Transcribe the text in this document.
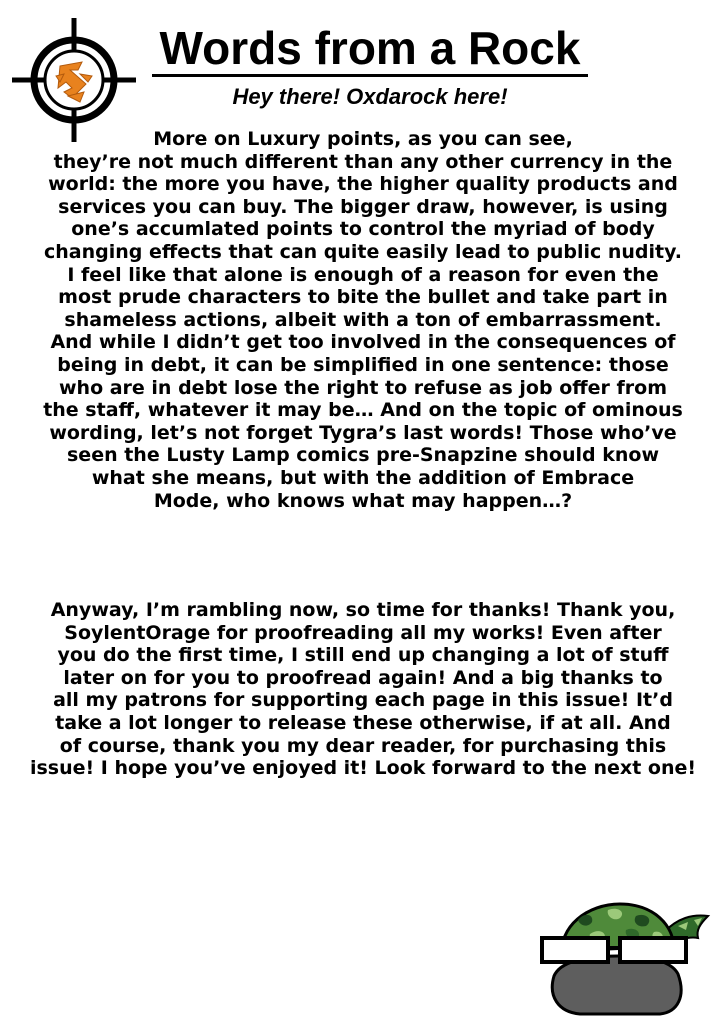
Words from a Rock
Hey there! Oxdarock here!
More on Luxury points, as you can see,
they’re not much different than any other currency in the
world: the more you have, the higher quality products and
services you can buy. The bigger draw, however, is using
one’s accumlated points to control the myriad of body
changing effects that can quite easily lead to public nudity.
I feel like that alone is enough of a reason for even the
most prude characters to bite the bullet and take part in
shameless actions, albeit with a ton of embarrassment.
And while I didn’t get too involved in the consequences of
being in debt, it can be simplified in one sentence: those
who are in debt lose the right to refuse as job offer from
the staff, whatever it may be… And on the topic of ominous
wording, let’s not forget Tygra’s last words! Those who’ve
seen the Lusty Lamp comics pre-Snapzine should know
what she means, but with the addition of Embrace
Mode, who knows what may happen…?
Anyway, I’m rambling now, so time for thanks! Thank you,
SoylentOrage for proofreading all my works! Even after
you do the first time, I still end up changing a lot of stuff
later on for you to proofread again! And a big thanks to
all my patrons for supporting each page in this issue! It’d
take a lot longer to release these otherwise, if at all. And
of course, thank you my dear reader, for purchasing this
issue! I hope you’ve enjoyed it! Look forward to the next one!
